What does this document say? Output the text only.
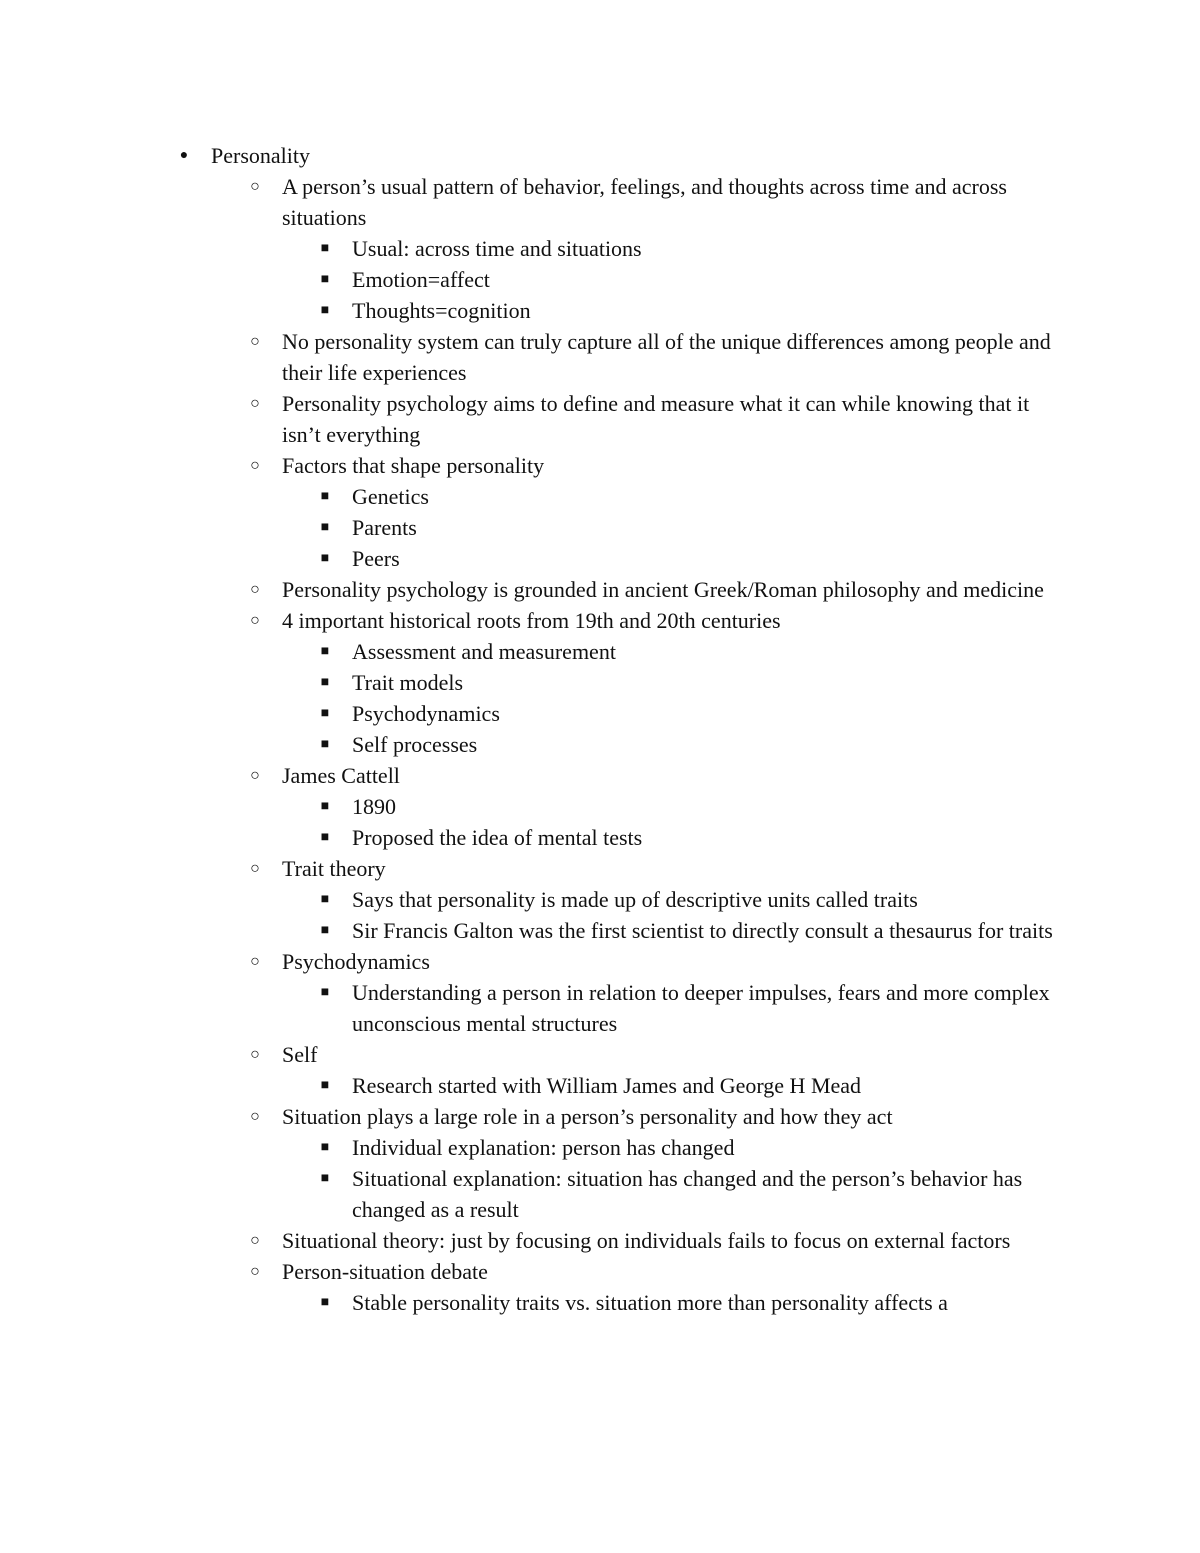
● Personality
○ A person’s usual pattern of behavior, feelings, and thoughts across time and across situations
■ Usual: across time and situations
■ Emotion=affect
■ Thoughts=cognition
○ No personality system can truly capture all of the unique differences among people and their life experiences
○ Personality psychology aims to define and measure what it can while knowing that it isn’t everything
○ Factors that shape personality
■ Genetics
■ Parents
■ Peers
○ Personality psychology is grounded in ancient Greek/Roman philosophy and medicine
○ 4 important historical roots from 19th and 20th centuries
■ Assessment and measurement
■ Trait models
■ Psychodynamics
■ Self processes
○ James Cattell
■ 1890
■ Proposed the idea of mental tests
○ Trait theory
■ Says that personality is made up of descriptive units called traits
■ Sir Francis Galton was the first scientist to directly consult a thesaurus for traits
○ Psychodynamics
■ Understanding a person in relation to deeper impulses, fears and more complex unconscious mental structures
○ Self
■ Research started with William James and George H Mead
○ Situation plays a large role in a person’s personality and how they act
■ Individual explanation: person has changed
■ Situational explanation: situation has changed and the person’s behavior has changed as a result
○ Situational theory: just by focusing on individuals fails to focus on external factors
○ Person-situation debate
■ Stable personality traits vs. situation more than personality affects a
